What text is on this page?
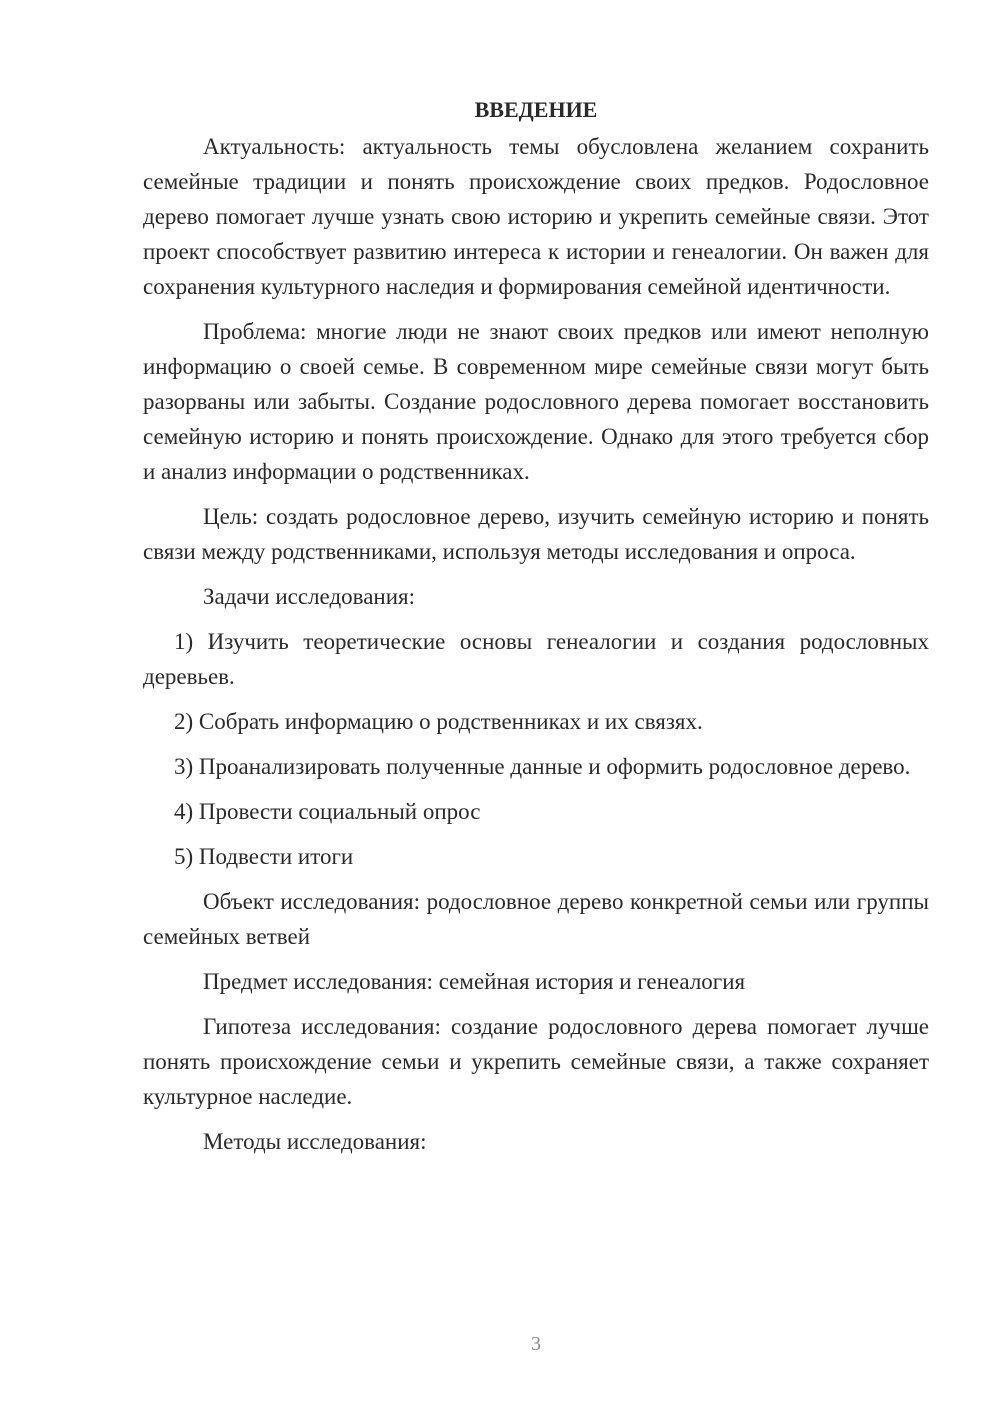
ВВЕДЕНИЕ
Актуальность: актуальность темы обусловлена желанием сохранить семейные традиции и понять происхождение своих предков. Родословное дерево помогает лучше узнать свою историю и укрепить семейные связи. Этот проект способствует развитию интереса к истории и генеалогии. Он важен для сохранения культурного наследия и формирования семейной идентичности.
Проблема: многие люди не знают своих предков или имеют неполную информацию о своей семье. В современном мире семейные связи могут быть разорваны или забыты. Создание родословного дерева помогает восстановить семейную историю и понять происхождение. Однако для этого требуется сбор и анализ информации о родственниках.
Цель: создать родословное дерево, изучить семейную историю и понять связи между родственниками, используя методы исследования и опроса.
Задачи исследования:
1) Изучить теоретические основы генеалогии и создания родословных деревьев.
2) Собрать информацию о родственниках и их связях.
3) Проанализировать полученные данные и оформить родословное дерево.
4) Провести социальный опрос
5) Подвести итоги
Объект исследования: родословное дерево конкретной семьи или группы семейных ветвей
Предмет исследования: семейная история и генеалогия
Гипотеза исследования: создание родословного дерева помогает лучше понять происхождение семьи и укрепить семейные связи, а также сохраняет культурное наследие.
Методы исследования:
3
